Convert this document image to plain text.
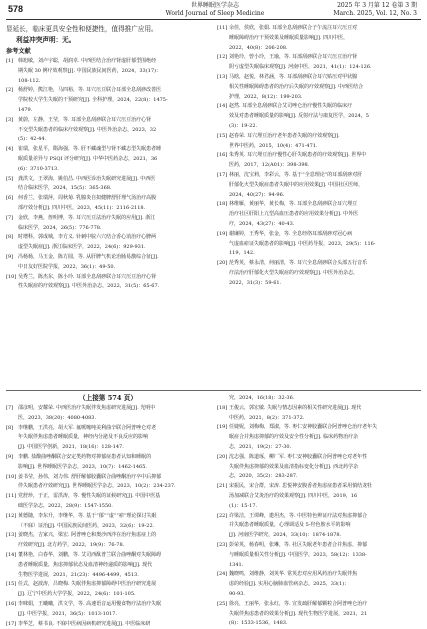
578	世界睡眠医学杂志
World Journal of Sleep Medicine
2025 年 3 月第 12 卷第 3 期
March. 2025, Vol. 12, No. 3
显延长，临床更具安全性和便捷性，值得推广应用。
利益冲突声明：无。
参考文献
[1] 韩旭敏，刘卢宇聪，胡润卓. 中西医结合治疗肾虚肝郁型围绝经
期失眠 30 例疗效观察[J]. 中国民族民间医药，2024，33(17)：
108-112.
[2] 杨舒婷，熊江艳，马四裕，等. 耳穴压豆联合耳部全息刮痧改善医
学院校大学生失眠的干预研究[J]. 全科护理，2024，22(8)：1475-
1479.
[3] 黄蔚，左静，王莹，等. 耳部全息刮痧联合耳穴压豆治疗心肾
不交型失眠患者的临床疗效观察[J]. 中医外治杂志，2023，32
(5)：42-44.
[4] 崔瑞，张星平，隋海强，等. 肝不藏魂型与肾不藏志型失眠患者睡
眠质量差异与 PSQI 评分研究[J]. 中华中医药杂志，2021，36
(6)：3710-3713.
[5] 龚洪文，王翠海，姚伯昌. 中西医诊治失眠研究进展[J]. 中西医
结合临床医学，2024，15(5)：365-368.
[6] 何香兰，张瑞萍，周秋菊. 乳腺炎自拟健脾舒肝理气汤治疗高腹
部疗效分析[J]. 四川中医，2023，45(11)：2116-2118.
[7] 金欣，李燕，詹明博，等. 耳穴压豆法治疗失眠的应用[J]. 浙江
临床医学，2024，26(5)：776-778.
[8] 时增科，郭成城，李方义. 针刺中脘六穴结合香心消治疗心脾两
虚型失眠症[J]. 浙江临床医学，2022，24(6)：929-931.
[9] 冯杨杨，马玉金，陈方圆，等. 从肝脾气机论治肠易激综合征[J].
中日友好医院学报，2022，36(1)：49-50.
[10] 吴秀兰，陈杰东，陈小玲. 耳部全息刮痧联合耳穴压豆治疗心肾
性失眠症的疗效观察[J]. 中医外治杂志，2022，31(5)：65-67.
[11] 余佳，侯欣，张娟. 耳部全息刮痧联合子午流注耳穴压豆对
睡眠障碍治疗干预效果及睡眠质量影响[J]. 四川中医，
2022，40(8)：206-208.
[12] 刘艳玲，曾小玲，王瑜，等. 耳部刮痧联合耳穴压豆治疗肾
阴亏虚型失眠临床观察[J]. 河南中医，2021，41(1)：124-126.
[13] 马晗，赵悦，林君涵，等. 耳部刮痧联合耳穴贴压对甲状腺
相关性睡眠障碍患者的治疗后失眠的疗效观察[J]. 中西医结合
护理，2022，8(12)：199-203.
[14] 赵然. 耳部全息刮痧联合艾司唑仑治疗慢性失眠的临床疗
效及对患者睡眠质量的影响[J]. 反射疗法与康复医学，2024，5
(3)：19-22.
[15] 赵春荣. 耳穴埋豆治疗老年患者失眠的疗效观察[J].
世界中医药，2015，10(4)：471-471.
[16] 朱秀英. 耳穴埋豆治疗慢性心肝失眠患者的疗效观察[J]. 世界中
医药，2017，12(A01)：398-398.
[17] 林丽，沈宝莉，李彩云，等. 基于“全息理论”的耳部刮痧对肝
肝郁化火型失眠症患者失眠中的应用效果[J]. 中国社区医师，
2024，40(27)：94-96.
[18] 林维雁，黄丽华，黄长梅，等. 耳部全息刮痧联合耳穴埋豆
治疗社区肝阳上亢型高血压患者的应用效果分析[J]. 中外医
疗，2024，43(27)：40-43.
[19] 谢廉婷，王秀华，张金，等. 全息经络耳部刮痧对冠心病
气虚血瘀证失眠患者的影响[J]. 中医药导报，2023，29(5)：116-
119，142.
[20] 范秀英，蔡永清，何丽清，等. 耳穴全息刮痧联合头部五行音乐
疗法治疗肝郁化火型失眠症的疗效观察[J]. 中医外治杂志，
2022，31(3)：59-61.
（上接第 574 页）
[7] 邵彦明，安耀荣. 中西医治疗失眠伴发焦虑研究进展[J]. 光明中
医，2023，38(20)：4080-4083.
[8] 李继鹏，王洪亮，胡大军. 氟哌噻吨美利曲辛联合阿普唑仑对老
年失眠伴焦虑患者睡眠质量，神经内分泌及不良反应的影响
[J]. 中国医学创新，2021，18(16)：128-147.
[9] 李鹏. 盐酸曲唑酮联合安定类药物对抑郁症患者认知和睡眠的
影响[J]. 世界睡眠医学杂志，2023，10(7)：1462-1465.
[10] 姜书莹，孙伟，刘力伟. 舒肝解郁胶囊联合曲唑酮治疗卒中后抑郁
伴失眠患者疗效研究[J]. 世界睡眠医学杂志，2023，10(2)：234-237.
[11] 党舒珍，于正，雷洪涛，等. 慢性失眠的证候研究[J]. 中国中医基
础医学杂志，2022，28(9)：1547-1550.
[12] 黄德随，李东升，李继华，等. 基于“郁”“虚”“瘀”理论探讨失眠
（不寐）证治[J]. 中国民族民间医药，2023，32(6)：19-22.
[13] 姜晓杰，吉家兴，梁宏. 阿普唑仑和奥沙西泮在治疗焦虑症上的
疗效研究[J]. 北方药学，2022，19(9)：76-78.
[14] 董林艳，白春华，刘鹏，等. 艾司西酞普兰联合曲唑酮对失眠障碍
患者睡眠质量，焦虑抑郁状态及血清神经递质的影响[J]. 现代
生物医学进展，2021，21(23)：4496-4499，4513.
[15] 任式，赵波涛，吕晓梅. 失眠伴焦虑抑郁障碍中医治疗研究进展
[J]. 辽宁中医药大学学报，2022，24(6)：101-105.
[16] 李咪娟，王曦曦，洪文学，等. 高速语音运用慢食物疗法治疗失眠
[J]. 中医学报，2021，36(5)：1013-1017.
[17] 李华芝，蔡书良. 不寐中医病因病机研究进展[J]. 中医临床研
究，2024，16(18)：32-36.
[18] 王俊云，郭宏敏. 失眠与情志因素的相关性研究进展[J]. 现代
中医药，2021，8(2)：371-372.
[19] 任婕妮，刘梅梅，郑淑，等. 枣仁安神胶囊联合阿普唑仑治疗老年失
眠症合并焦虑抑郁的疗效及安全性分析[J]. 临床药物治疗杂
志，2021，19(2)：27-30.
[20] 沈志强，陈道琢，柳厂军. 枣仁安神胶囊联合阿普唑仑对老年性
失眠伴焦虑抑郁的效果及血清指标变化分析[J]. 西北药学杂
志，2020，35(2)：283-287.
[21] 宋振民，宋合群，宋涛. 思悦神安腹香者焦虑症患者采用慎结龙牡
汤加减联合艾灸治疗的效果观察[J]. 四川中医，2019，16
(1)：15-17.
[22] 许梁洁，王谭峰，遨坦杰，等. 中医特色辨证疗法对焦虑抑郁合
并失眠患者睡眠质量，心理调适及 5-羟色胺水平的影响
[J]. 河南医学研究，2024，33(10)：1874-1878.
[23] 彭荣英，杨春明，张琳，等. 社区失眠老年患者合并焦虑，抑郁
与睡眠质量相关性分析[J]. 中国医学，2023，58(12)：1338-
1341.
[24] 魏晓鸣，刘维静，刘英华. 常英忠对应用风药治疗失眠伴焦
虑的经验[J]. 实用心脑肺血管病杂志，2025，33(1)：
90-93.
[25] 徐亮，王丽华，张永红，等. 宣发疏肝解郁颗粒合阿普唑仑治疗
失眠伴焦虑患者的效果分析[J]. 现代生物医学进展，2021，21
(8)：1533-1536，1483.
